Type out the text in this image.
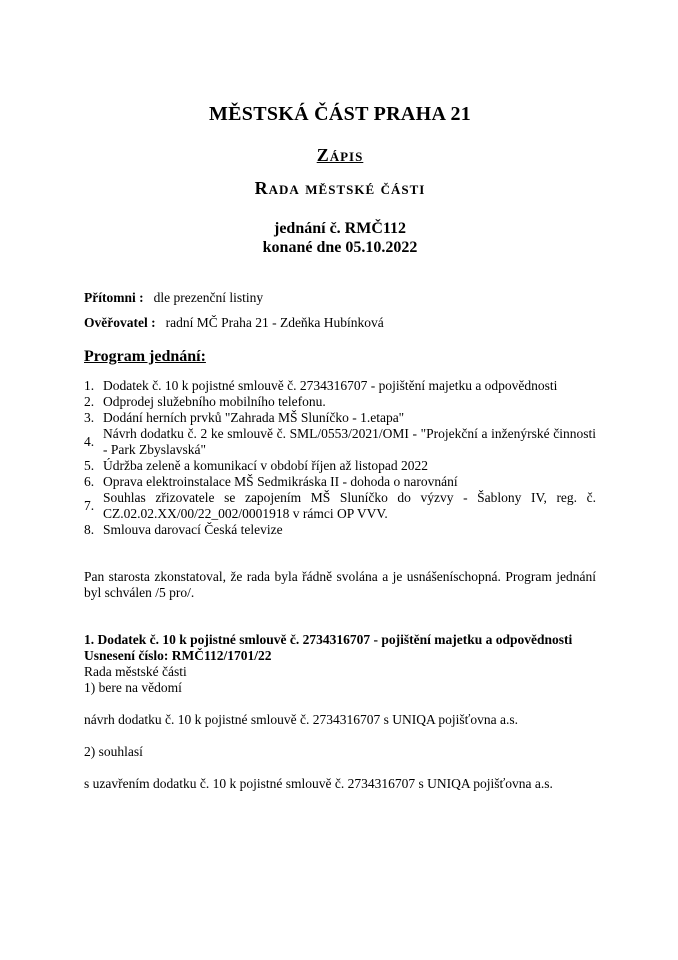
MĚSTSKÁ ČÁST PRAHA 21
Zápis
Rada městské části
jednání č. RMČ112
konané dne 05.10.2022
Přítomni : dle prezenční listiny
Ověřovatel : radní MČ Praha 21 - Zdeňka Hubínková
Program jednání:
1. Dodatek č. 10 k pojistné smlouvě č. 2734316707 - pojištění majetku a odpovědnosti
2. Odprodej služebního mobilního telefonu.
3. Dodání herních prvků "Zahrada MŠ Sluníčko - 1.etapa"
4.
Návrh dodatku č. 2 ke smlouvě č. SML/0553/2021/OMI - "Projekční a inženýrské činnosti - Park Zbyslavská"
5. Údržba zeleně a komunikací v období říjen až listopad 2022
6. Oprava elektroinstalace MŠ Sedmikráska II - dohoda o narovnání
7.
Souhlas zřizovatele se zapojením MŠ Sluníčko do výzvy - Šablony IV, reg. č. CZ.02.02.XX/00/22_002/0001918 v rámci OP VVV.
8. Smlouva darovací Česká televize
Pan starosta zkonstatoval, že rada byla řádně svolána a je usnášeníschopná. Program jednání byl schválen /5 pro/.
1. Dodatek č. 10 k pojistné smlouvě č. 2734316707 - pojištění majetku a odpovědnosti
Usnesení číslo: RMČ112/1701/22
Rada městské části
1) bere na vědomí
návrh dodatku č. 10 k pojistné smlouvě č. 2734316707 s UNIQA pojišťovna a.s.
2) souhlasí
s uzavřením dodatku č. 10 k pojistné smlouvě č. 2734316707 s UNIQA pojišťovna a.s.
